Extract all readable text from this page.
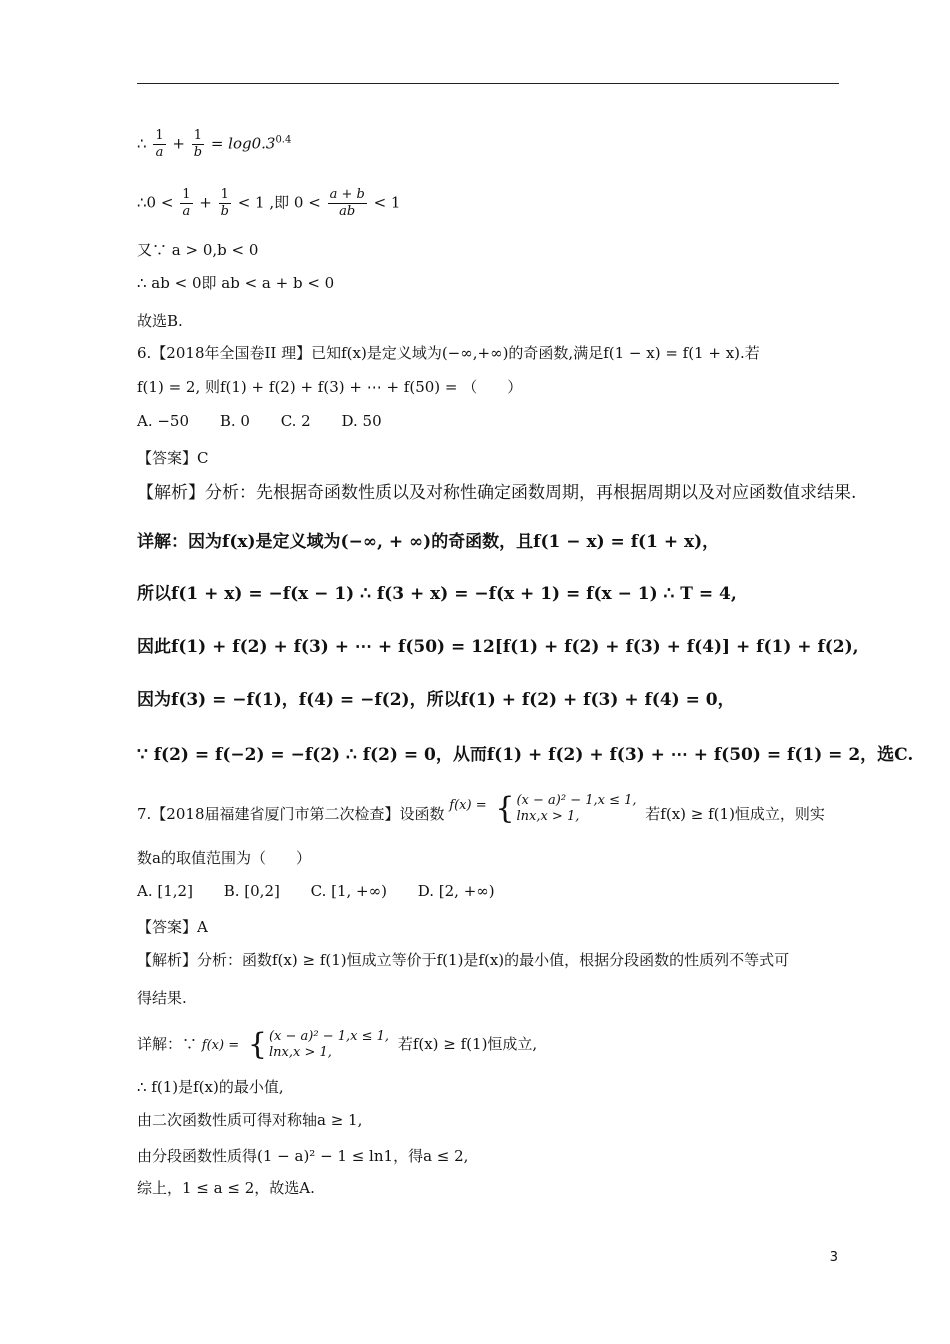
∴ $\frac{1}{a} + \frac{1}{b} = \log 0.3^{0.4}$
∴0 < $\frac{1}{a} + \frac{1}{b} < 1$ ,即 $0 < \frac{a + b}{ab} < 1$
又∵ a > 0,b < 0
∴ ab < 0即 ab < a + b < 0
故选B.
6.【2018年全国卷II 理】已知f(x)是定义域为(−∞,+∞)的奇函数,满足f(1 − x) = f(1 + x).若
f(1) = 2, 则f(1) + f(2) + f(3) + ⋯ + f(50) = （　　）
A. −50 B. 0 C. 2 D. 50
【答案】C
【解析】分析：先根据奇函数性质以及对称性确定函数周期，再根据周期以及对应函数值求结果.
详解：因为f(x)是定义域为(−∞, + ∞)的奇函数，且f(1 − x) = f(1 + x)，
所以f(1 + x) = −f(x − 1) ∴ f(3 + x) = −f(x + 1) = f(x − 1) ∴ T = 4,
因此f(1) + f(2) + f(3) + ⋯ + f(50) = 12[f(1) + f(2) + f(3) + f(4)] + f(1) + f(2),
因为f(3) = −f(1)，f(4) = −f(2)，所以f(1) + f(2) + f(3) + f(4) = 0，
∵ f(2) = f(−2) = −f(2) ∴ f(2) = 0，从而f(1) + f(2) + f(3) + ⋯ + f(50) = f(1) = 2，选C.
7.【2018届福建省厦门市第二次检查】设函数 f(x) = { (x − a)² − 1,x ≤ 1,
lnx,x > 1,	若f(x) ≥ f(1)恒成立，则实
数a的取值范围为（　　）
A. [1,2] B. [0,2] C. [1, +∞) D. [2, +∞)
【答案】A
【解析】分析：函数f(x) ≥ f(1)恒成立等价于f(1)是f(x)的最小值，根据分段函数的性质列不等式可
得结果.
详解：∵ f(x) = { (x − a)² − 1,x ≤ 1,
lnx,x > 1,	若f(x) ≥ f(1)恒成立,
∴ f(1)是f(x)的最小值,
由二次函数性质可得对称轴a ≥ 1,
由分段函数性质得(1 − a)² − 1 ≤ ln1，得a ≤ 2,
综上，1 ≤ a ≤ 2，故选A.
3
